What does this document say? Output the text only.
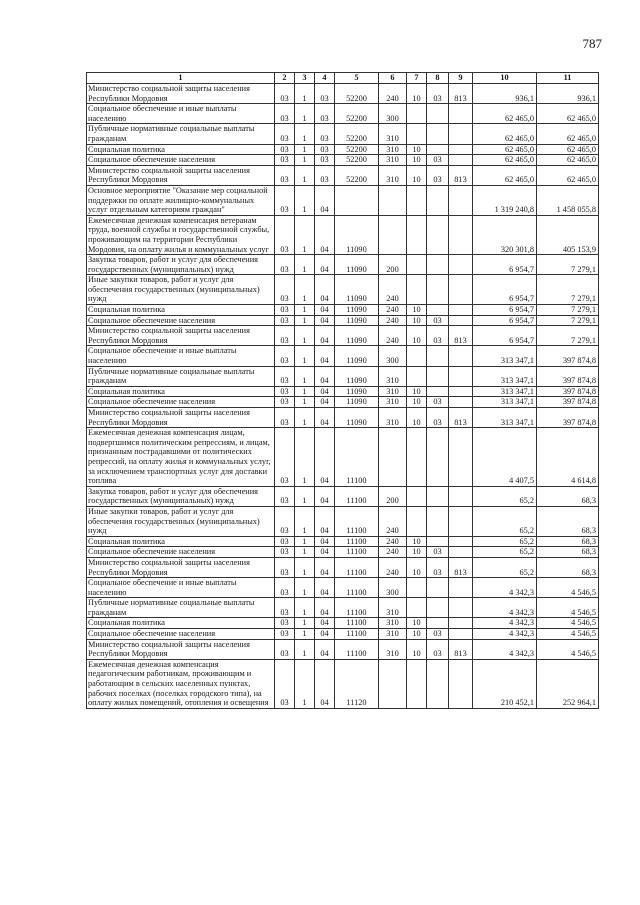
787
1	2	3	4	5	6	7	8	9	10	11
Министерство социальной защиты населения Республики Мордовия	03	1	03	52200	240	10	03	813	936,1	936,1
Социальное обеспечение и иные выплаты населению	03	1	03	52200	300				62 465,0	62 465,0
Публичные нормативные социальные выплаты гражданам	03	1	03	52200	310				62 465,0	62 465,0
Социальная политика	03	1	03	52200	310	10			62 465,0	62 465,0
Социальное обеспечение населения	03	1	03	52200	310	10	03		62 465,0	62 465,0
Министерство социальной защиты населения Республики Мордовия	03	1	03	52200	310	10	03	813	62 465,0	62 465,0
Основное мероприятие "Оказание мер социальной поддержки по оплате жилищно-коммунальных услуг отдельным категориям граждан"	03	1	04						1 319 240,8	1 458 055,8
Ежемесячная денежная компенсация ветеранам труда, военной службы и государственной службы, проживающим на территории Республики Мордовия, на оплату жилья и коммунальных услуг	03	1	04	11090					320 301,8	405 153,9
Закупка товаров, работ и услуг для обеспечения государственных (муниципальных) нужд	03	1	04	11090	200				6 954,7	7 279,1
Иные закупки товаров, работ и услуг для обеспечения государственных (муниципальных) нужд	03	1	04	11090	240				6 954,7	7 279,1
Социальная политика	03	1	04	11090	240	10			6 954,7	7 279,1
Социальное обеспечение населения	03	1	04	11090	240	10	03		6 954,7	7 279,1
Министерство социальной защиты населения Республики Мордовия	03	1	04	11090	240	10	03	813	6 954,7	7 279,1
Социальное обеспечение и иные выплаты населению	03	1	04	11090	300				313 347,1	397 874,8
Публичные нормативные социальные выплаты гражданам	03	1	04	11090	310				313 347,1	397 874,8
Социальная политика	03	1	04	11090	310	10			313 347,1	397 874,8
Социальное обеспечение населения	03	1	04	11090	310	10	03		313 347,1	397 874,8
Министерство социальной защиты населения Республики Мордовия	03	1	04	11090	310	10	03	813	313 347,1	397 874,8
Ежемесячная денежная компенсация лицам, подвергшимся политическим репрессиям, и лицам, признанным пострадавшими от политических репрессий, на оплату жилья и коммунальных услуг, за исключением транспортных услуг для доставки топлива	03	1	04	11100					4 407,5	4 614,8
Закупка товаров, работ и услуг для обеспечения государственных (муниципальных) нужд	03	1	04	11100	200				65,2	68,3
Иные закупки товаров, работ и услуг для обеспечения государственных (муниципальных) нужд	03	1	04	11100	240				65,2	68,3
Социальная политика	03	1	04	11100	240	10			65,2	68,3
Социальное обеспечение населения	03	1	04	11100	240	10	03		65,2	68,3
Министерство социальной защиты населения Республики Мордовия	03	1	04	11100	240	10	03	813	65,2	68,3
Социальное обеспечение и иные выплаты населению	03	1	04	11100	300				4 342,3	4 546,5
Публичные нормативные социальные выплаты гражданам	03	1	04	11100	310				4 342,3	4 546,5
Социальная политика	03	1	04	11100	310	10			4 342,3	4 546,5
Социальное обеспечение населения	03	1	04	11100	310	10	03		4 342,3	4 546,5
Министерство социальной защиты населения Республики Мордовия	03	1	04	11100	310	10	03	813	4 342,3	4 546,5
Ежемесячная денежная компенсация педагогическим работникам, проживающим и работающим в сельских населенных пунктах, рабочих поселках (поселках городского типа), на оплату жилых помещений, отопления и освещения	03	1	04	11120					210 452,1	252 964,1
